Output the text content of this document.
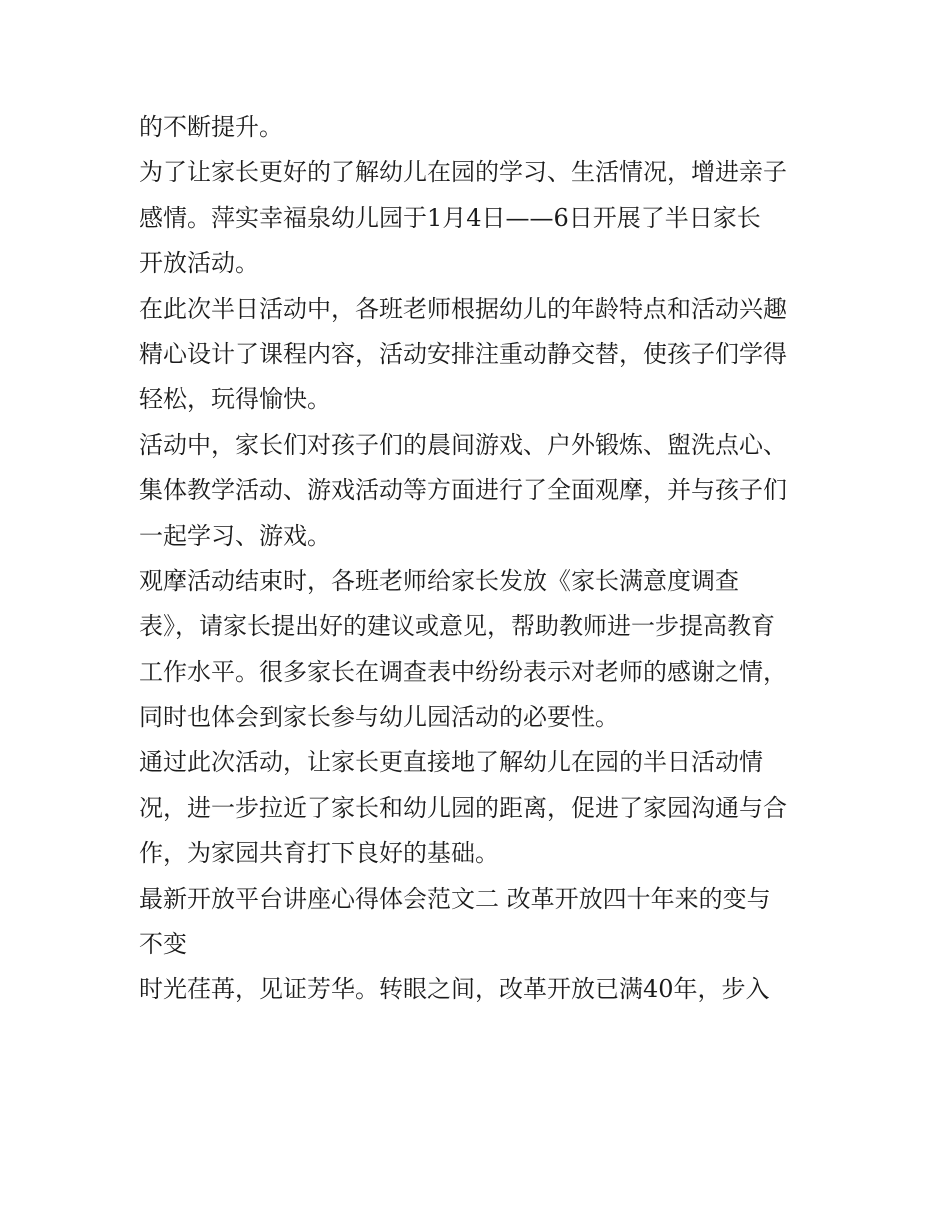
的不断提升。
为了让家长更好的了解幼儿在园的学习、生活情况，增进亲子
感情。萍实幸福泉幼儿园于1月4日——6日开展了半日家长
开放活动。
在此次半日活动中，各班老师根据幼儿的年龄特点和活动兴趣
精心设计了课程内容，活动安排注重动静交替，使孩子们学得
轻松，玩得愉快。
活动中，家长们对孩子们的晨间游戏、户外锻炼、盥洗点心、
集体教学活动、游戏活动等方面进行了全面观摩，并与孩子们
一起学习、游戏。
观摩活动结束时，各班老师给家长发放《家长满意度调查
表》，请家长提出好的建议或意见，帮助教师进一步提高教育
工作水平。很多家长在调查表中纷纷表示对老师的感谢之情，
同时也体会到家长参与幼儿园活动的必要性。
通过此次活动，让家长更直接地了解幼儿在园的半日活动情
况，进一步拉近了家长和幼儿园的距离，促进了家园沟通与合
作，为家园共育打下良好的基础。
最新开放平台讲座心得体会范文二 改革开放四十年来的变与
不变
时光荏苒，见证芳华。转眼之间，改革开放已满40年，步入
